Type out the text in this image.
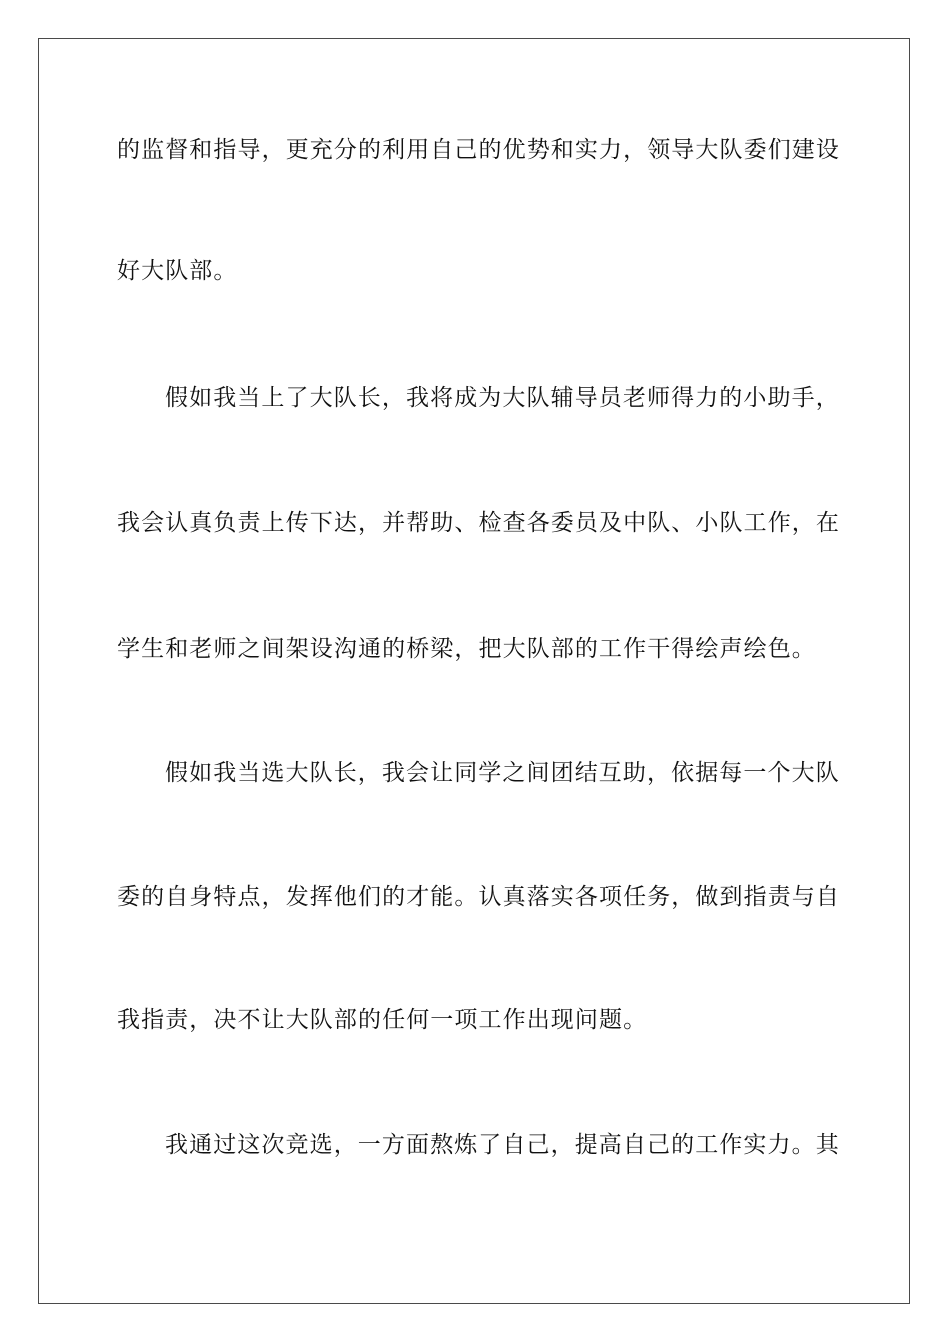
的监督和指导，更充分的利用自己的优势和实力，领导大队委们建设
好大队部。
假如我当上了大队长，我将成为大队辅导员老师得力的小助手，
我会认真负责上传下达，并帮助、检查各委员及中队、小队工作，在
学生和老师之间架设沟通的桥梁，把大队部的工作干得绘声绘色。
假如我当选大队长，我会让同学之间团结互助，依据每一个大队
委的自身特点，发挥他们的才能。认真落实各项任务，做到指责与自
我指责，决不让大队部的任何一项工作出现问题。
我通过这次竞选，一方面熬炼了自己，提高自己的工作实力。其
